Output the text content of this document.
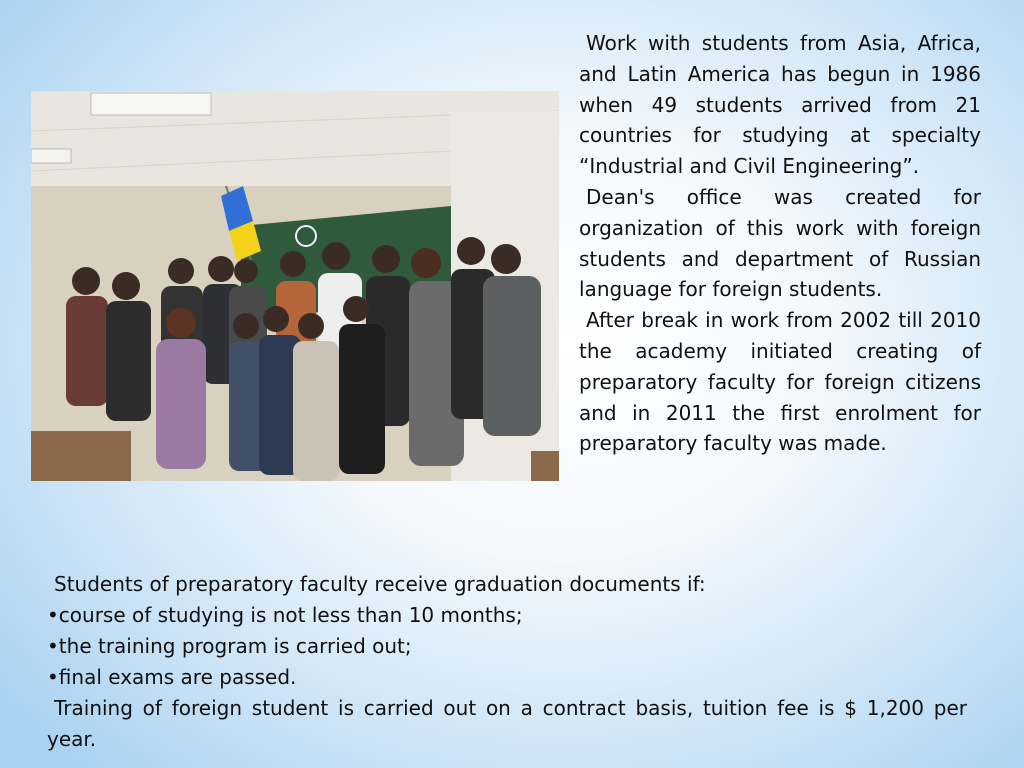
Work with students from Asia, Africa, and Latin America has begun in 1986 when 49 students arrived from 21 countries for studying at specialty “Industrial and Civil Engineering”.

Dean's office was created for organization of this work with foreign students and department of Russian language for foreign students.

After break in work from 2002 till 2010 the academy initiated creating of preparatory faculty for foreign citizens and in 2011 the first enrolment for preparatory faculty was made.

Students of preparatory faculty receive graduation documents if:

•course of studying is not less than 10 months;

•the training program is carried out;

•final exams are passed.

Training of foreign student is carried out on a contract basis, tuition fee is $ 1,200 per year.
